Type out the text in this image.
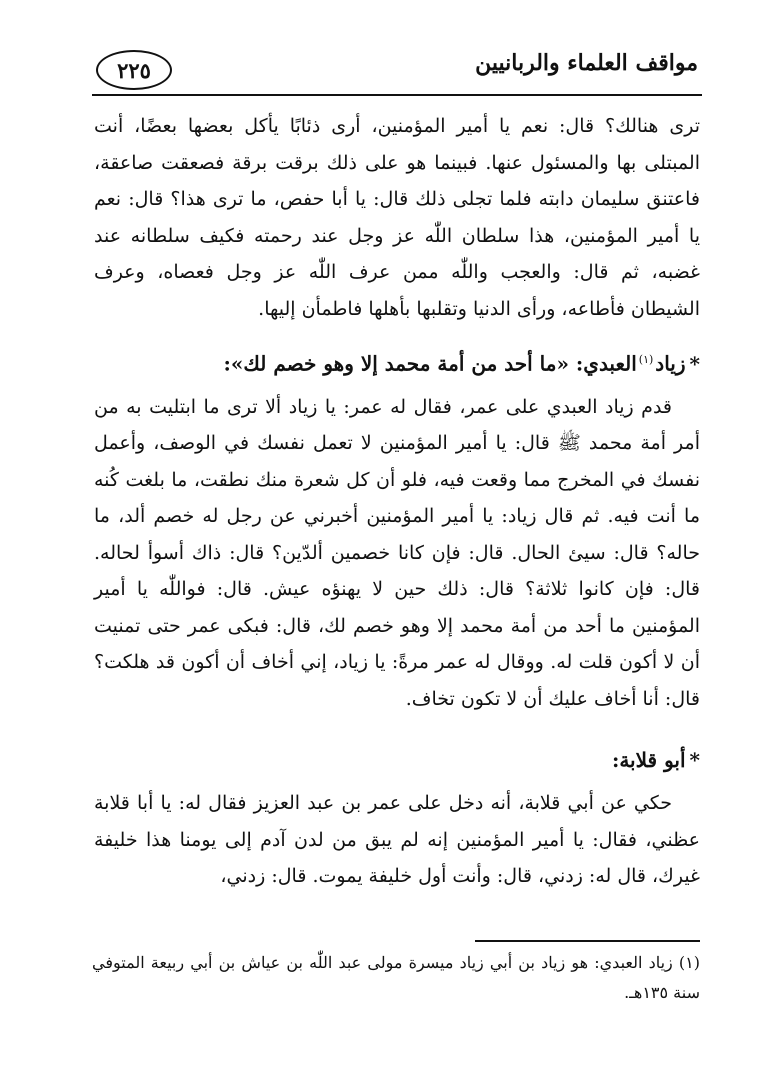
مواقف العلماء والربانيين
٢٢٥

ترى هنالك؟ قال: نعم يا أمير المؤمنين، أرى ذئابًا يأكل بعضها بعضًا، أنت المبتلى بها والمسئول عنها. فبينما هو على ذلك برقت برقة فصعقت صاعقة، فاعتنق سليمان دابته فلما تجلى ذلك قال: يا أبا حفص، ما ترى هذا؟ قال: نعم يا أمير المؤمنين، هذا سلطان اللّٰه عز وجل عند رحمته فكيف سلطانه عند غضبه، ثم قال: والعجب واللّٰه ممن عرف اللّٰه عز وجل فعصاه، وعرف الشيطان فأطاعه، ورأى الدنيا وتقلبها بأهلها فاطمأن إليها.

*زياد$^{(١)}$العبدي: «ما أحد من أمة محمد إلا وهو خصم لك»:

قدم زياد العبدي على عمر، فقال له عمر: يا زياد ألا ترى ما ابتليت به من أمر أمة محمد ﷺ قال: يا أمير المؤمنين لا تعمل نفسك في الوصف، وأعمل نفسك في المخرج مما وقعت فيه، فلو أن كل شعرة منك نطقت، ما بلغت كُنه ما أنت فيه. ثم قال زياد: يا أمير المؤمنين أخبرني عن رجل له خصم ألد، ما حاله؟ قال: سيئ الحال. قال: فإن كانا خصمين ألدّين؟ قال: ذاك أسوأ لحاله. قال: فإن كانوا ثلاثة؟ قال: ذلك حين لا يهنؤه عيش. قال: فواللّٰه يا أمير المؤمنين ما أحد من أمة محمد إلا وهو خصم لك، قال: فبكى عمر حتى تمنيت أن لا أكون قلت له. ووقال له عمر مرةً: يا زياد، إني أخاف أن أكون قد هلكت؟ قال: أنا أخاف عليك أن لا تكون تخاف.

*أبو قلابة:

حكي عن أبي قلابة، أنه دخل على عمر بن عبد العزيز فقال له: يا أبا قلابة عظني، فقال: يا أمير المؤمنين إنه لم يبق من لدن آدم إلى يومنا هذا خليفة غيرك، قال له: زدني، قال: وأنت أول خليفة يموت. قال: زدني،

(١) زياد العبدي: هو زياد بن أبي زياد ميسرة مولى عبد اللّٰه بن عياش بن أبي ربيعة المتوفي سنة ١٣٥هـ.
